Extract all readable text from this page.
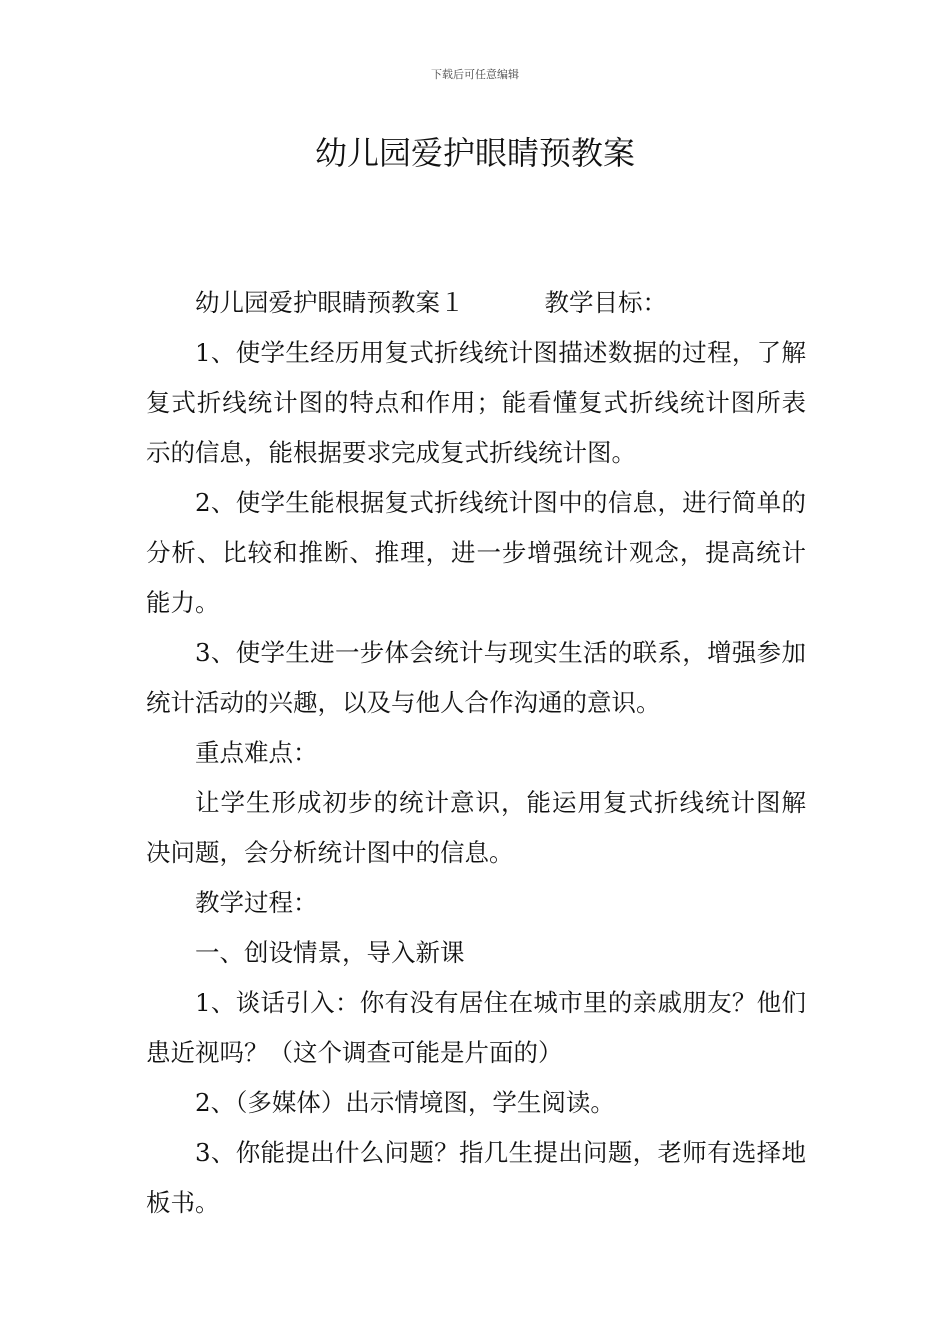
下载后可任意编辑
幼儿园爱护眼睛预教案

幼儿园爱护眼睛预教案１	教学目标：

1、使学生经历用复式折线统计图描述数据的过程，了解复式折线统计图的特点和作用；能看懂复式折线统计图所表示的信息，能根据要求完成复式折线统计图。

2、使学生能根据复式折线统计图中的信息，进行简单的分析、比较和推断、推理，进一步增强统计观念，提高统计能力。

3、使学生进一步体会统计与现实生活的联系，增强参加统计活动的兴趣，以及与他人合作沟通的意识。

重点难点：

让学生形成初步的统计意识，能运用复式折线统计图解决问题，会分析统计图中的信息。

教学过程：

一、创设情景，导入新课

1、谈话引入：你有没有居住在城市里的亲戚朋友？他们患近视吗？（这个调查可能是片面的）

2、（多媒体）出示情境图，学生阅读。

3、你能提出什么问题？指几生提出问题，老师有选择地板书。
